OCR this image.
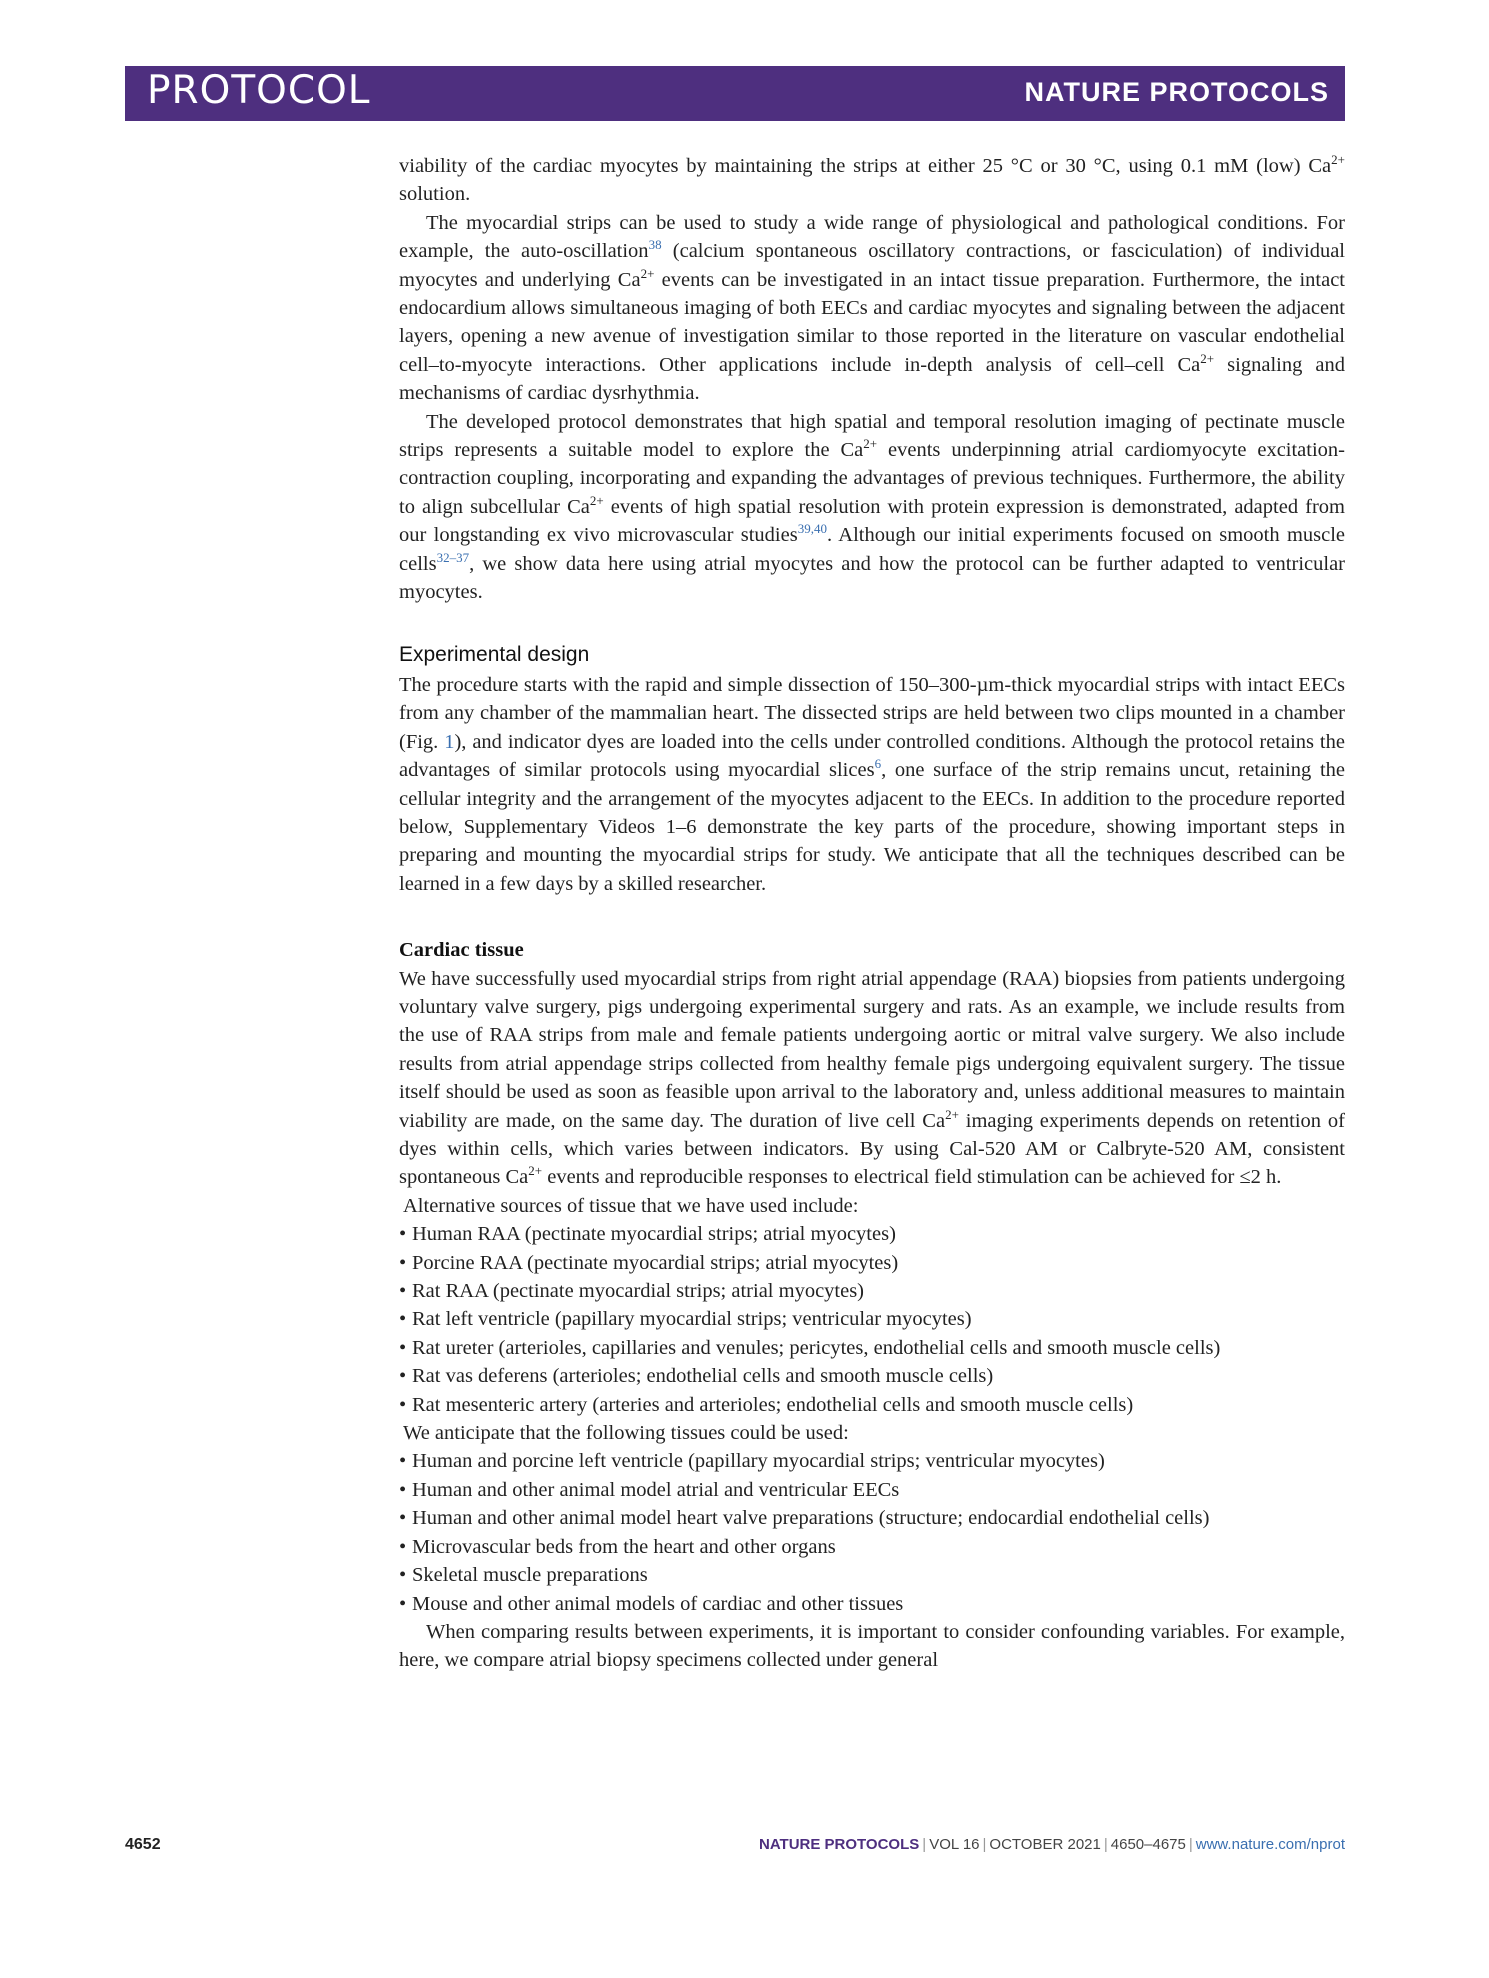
PROTOCOL	NATURE PROTOCOLS

viability of the cardiac myocytes by maintaining the strips at either 25 °C or 30 °C, using 0.1 mM (low) $Ca^{2+}$ solution.

The myocardial strips can be used to study a wide range of physiological and pathological conditions. For example, the auto-oscillation$^{38}$ (calcium spontaneous oscillatory contractions, or fasciculation) of individual myocytes and underlying $Ca^{2+}$ events can be investigated in an intact tissue preparation. Furthermore, the intact endocardium allows simultaneous imaging of both EECs and cardiac myocytes and signaling between the adjacent layers, opening a new avenue of investigation similar to those reported in the literature on vascular endothelial cell–to-myocyte interactions. Other applications include in-depth analysis of cell–cell $Ca^{2+}$ signaling and mechanisms of cardiac dysrhythmia.

The developed protocol demonstrates that high spatial and temporal resolution imaging of pectinate muscle strips represents a suitable model to explore the $Ca^{2+}$ events underpinning atrial cardiomyocyte excitation-contraction coupling, incorporating and expanding the advantages of previous techniques. Furthermore, the ability to align subcellular $Ca^{2+}$ events of high spatial resolution with protein expression is demonstrated, adapted from our longstanding ex vivo microvascular studies$^{39,40}$. Although our initial experiments focused on smooth muscle cells$^{32-37}$, we show data here using atrial myocytes and how the protocol can be further adapted to ventricular myocytes.

Experimental design

The procedure starts with the rapid and simple dissection of 150–300-µm-thick myocardial strips with intact EECs from any chamber of the mammalian heart. The dissected strips are held between two clips mounted in a chamber (Fig. 1), and indicator dyes are loaded into the cells under controlled conditions. Although the protocol retains the advantages of similar protocols using myocardial slices$^6$, one surface of the strip remains uncut, retaining the cellular integrity and the arrangement of the myocytes adjacent to the EECs. In addition to the procedure reported below, Supplementary Videos 1–6 demonstrate the key parts of the procedure, showing important steps in preparing and mounting the myocardial strips for study. We anticipate that all the techniques described can be learned in a few days by a skilled researcher.

Cardiac tissue

We have successfully used myocardial strips from right atrial appendage (RAA) biopsies from patients undergoing voluntary valve surgery, pigs undergoing experimental surgery and rats. As an example, we include results from the use of RAA strips from male and female patients undergoing aortic or mitral valve surgery. We also include results from atrial appendage strips collected from healthy female pigs undergoing equivalent surgery. The tissue itself should be used as soon as feasible upon arrival to the laboratory and, unless additional measures to maintain viability are made, on the same day. The duration of live cell $Ca^{2+}$ imaging experiments depends on retention of dyes within cells, which varies between indicators. By using Cal-520 AM or Calbryte-520 AM, consistent spontaneous $Ca^{2+}$ events and reproducible responses to electrical field stimulation can be achieved for ≤2 h.

Alternative sources of tissue that we have used include:
• Human RAA (pectinate myocardial strips; atrial myocytes)
• Porcine RAA (pectinate myocardial strips; atrial myocytes)
• Rat RAA (pectinate myocardial strips; atrial myocytes)
• Rat left ventricle (papillary myocardial strips; ventricular myocytes)
• Rat ureter (arterioles, capillaries and venules; pericytes, endothelial cells and smooth muscle cells)
• Rat vas deferens (arterioles; endothelial cells and smooth muscle cells)
• Rat mesenteric artery (arteries and arterioles; endothelial cells and smooth muscle cells)
We anticipate that the following tissues could be used:
• Human and porcine left ventricle (papillary myocardial strips; ventricular myocytes)
• Human and other animal model atrial and ventricular EECs
• Human and other animal model heart valve preparations (structure; endocardial endothelial cells)
• Microvascular beds from the heart and other organs
• Skeletal muscle preparations
• Mouse and other animal models of cardiac and other tissues

When comparing results between experiments, it is important to consider confounding variables. For example, here, we compare atrial biopsy specimens collected under general

4652	NATURE PROTOCOLS | VOL 16 | OCTOBER 2021 | 4650–4675 | www.nature.com/nprot
